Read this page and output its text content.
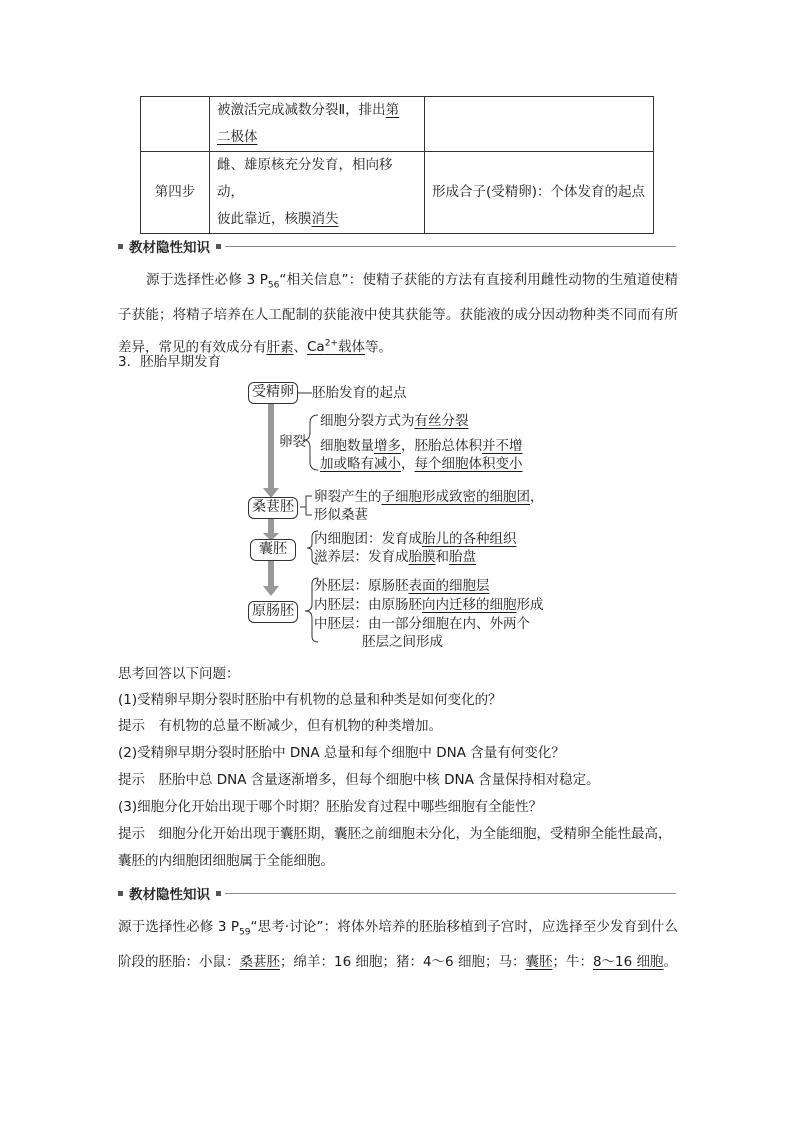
	被激活完成减数分裂Ⅱ，排出第
二极体	
第四步	雌、雄原核充分发育，相向移动，
彼此靠近，核膜消失	形成合子(受精卵)：个体发育的起点
教材隐性知识
源于选择性必修 3 $P_{56}“$相关信息”：使精子获能的方法有直接利用雌性动物的生殖道使精子获能；将精子培养在人工配制的获能液中使其获能等。获能液的成分因动物种类不同而有所差异，常见的有效成分有肝素、$Ca^{2+}$载体等。
3．胚胎早期发育
受精卵 胚胎发育的起点
卵裂
细胞分裂方式为有丝分裂
细胞数量增多，胚胎总体积并不增
加或略有减小，每个细胞体积变小
桑葚胚
卵裂产生的子细胞形成致密的细胞团，
形似桑葚
囊胚
内细胞团：发育成胎儿的各种组织
滋养层：发育成胎膜和胎盘
原肠胚
外胚层：原肠胚表面的细胞层
内胚层：由原肠胚向内迁移的细胞形成
中胚层：由一部分细胞在内、外两个
胚层之间形成
思考回答以下问题：
(1)受精卵早期分裂时胚胎中有机物的总量和种类是如何变化的？
提示　 有机物的总量不断减少，但有机物的种类增加。
(2)受精卵早期分裂时胚胎中 DNA 总量和每个细胞中 DNA 含量有何变化？
提示　 胚胎中总 DNA 含量逐渐增多，但每个细胞中核 DNA 含量保持相对稳定。
(3)细胞分化开始出现于哪个时期？胚胎发育过程中哪些细胞有全能性？
提示　 细胞分化开始出现于囊胚期，囊胚之前细胞未分化，为全能细胞，受精卵全能性最高，
囊胚的内细胞团细胞属于全能细胞。
教材隐性知识
源于选择性必修 3 $P_{59}“$思考·讨论”：将体外培养的胚胎移植到子宫时，应选择至少发育到什么阶段的胚胎：小鼠：桑葚胚；绵羊：16 细胞；猪：4～6 细胞；马：囊胚；牛：8～16 细胞。
